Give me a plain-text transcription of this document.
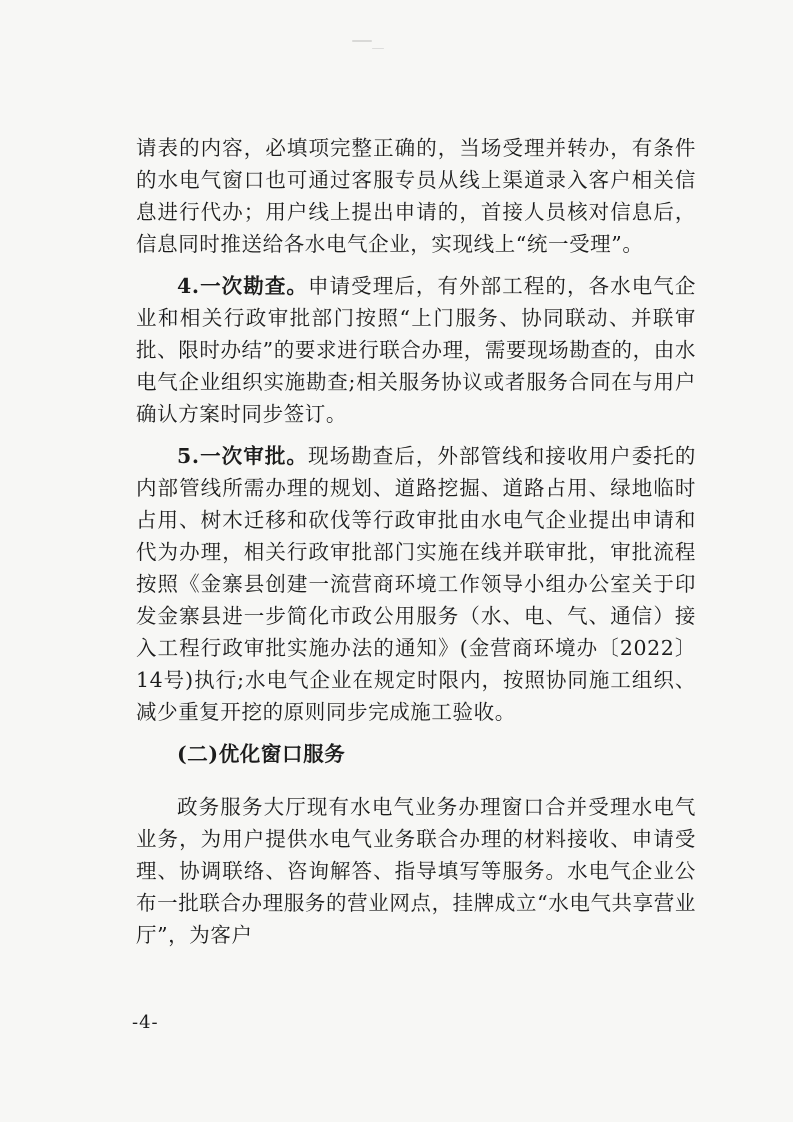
请表的内容，必填项完整正确的，当场受理并转办，有条件的水电气窗口也可通过客服专员从线上渠道录入客户相关信息进行代办；用户线上提出申请的，首接人员核对信息后，信息同时推送给各水电气企业，实现线上“统一受理”。

4.一次勘查。申请受理后，有外部工程的，各水电气企业和相关行政审批部门按照“上门服务、协同联动、并联审批、限时办结”的要求进行联合办理，需要现场勘查的，由水电气企业组织实施勘查;相关服务协议或者服务合同在与用户确认方案时同步签订。

5.一次审批。现场勘查后，外部管线和接收用户委托的内部管线所需办理的规划、道路挖掘、道路占用、绿地临时占用、树木迁移和砍伐等行政审批由水电气企业提出申请和代为办理，相关行政审批部门实施在线并联审批，审批流程按照《金寨县创建一流营商环境工作领导小组办公室关于印发金寨县进一步简化市政公用服务（水、电、气、通信）接入工程行政审批实施办法的通知》(金营商环境办〔2022〕14号)执行;水电气企业在规定时限内，按照协同施工组织、减少重复开挖的原则同步完成施工验收。

(二)优化窗口服务

政务服务大厅现有水电气业务办理窗口合并受理水电气业务，为用户提供水电气业务联合办理的材料接收、申请受理、协调联络、咨询解答、指导填写等服务。水电气企业公布一批联合办理服务的营业网点，挂牌成立“水电气共享营业厅”，为客户

-4-
